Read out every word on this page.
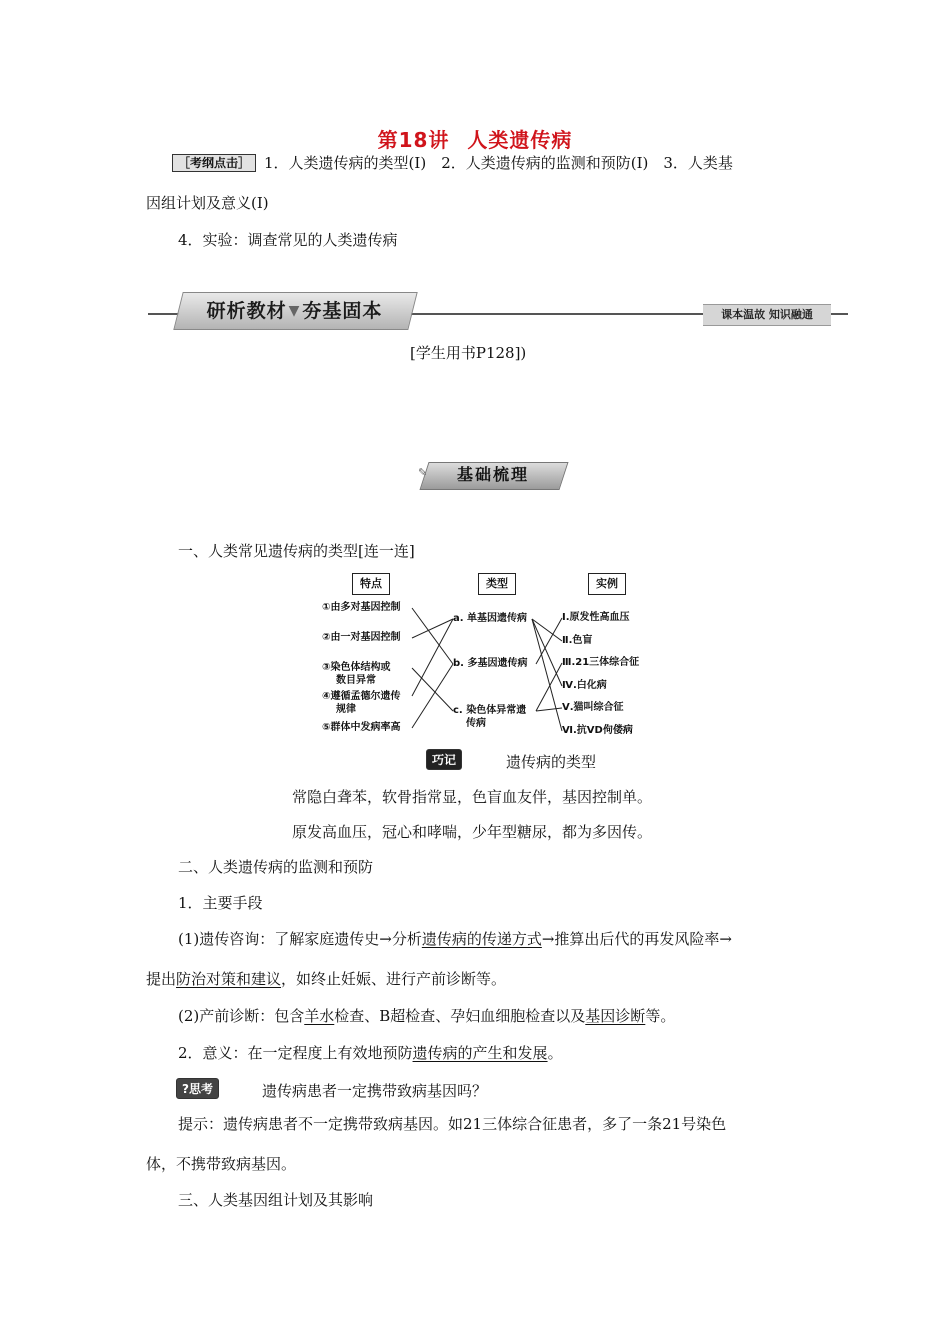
第18讲 人类遗传病
［考纲点击］ 1．人类遗传病的类型(Ⅰ)　2．人类遗传病的监测和预防(Ⅰ)　3．人类基
因组计划及意义(Ⅰ)
4．实验：调查常见的人类遗传病
研析教材 ▼ 夯基固本	课本温故 知识融通
[学生用书P128])
✎	基础梳理
一、人类常见遗传病的类型[连一连]
特点	类型	实例
①由多对基因控制
②由一对基因控制
③染色体结构或
数目异常
④遵循孟德尔遗传
规律
⑤群体中发病率高
a. 单基因遗传病
b. 多基因遗传病
c. 染色体异常遗
传病
Ⅰ.原发性高血压
Ⅱ.色盲
Ⅲ.21三体综合征
Ⅳ.白化病
Ⅴ.猫叫综合征
Ⅵ.抗VD佝偻病
巧记	遗传病的类型
常隐白聋苯，软骨指常显，色盲血友伴，基因控制单。
原发高血压，冠心和哮喘，少年型糖尿，都为多因传。
二、人类遗传病的监测和预防
1．主要手段
(1)遗传咨询：了解家庭遗传史→分析遗传病的传递方式→推算出后代的再发风险率→
提出防治对策和建议，如终止妊娠、进行产前诊断等。
(2)产前诊断：包含羊水检查、B超检查、孕妇血细胞检查以及基因诊断等。
2．意义：在一定程度上有效地预防遗传病的产生和发展。
?思考	遗传病患者一定携带致病基因吗？
提示：遗传病患者不一定携带致病基因。如21三体综合征患者，多了一条21号染色
体，不携带致病基因。
三、人类基因组计划及其影响
